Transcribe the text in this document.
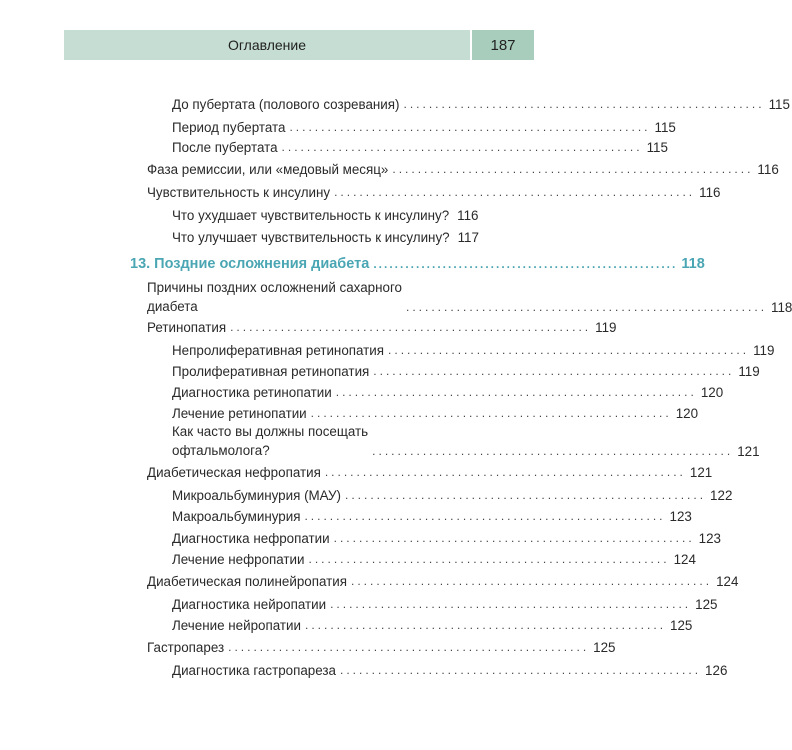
Оглавление	187
До пубертата (полового созревания) ......................................................... 115
Период пубертата ......................................................... 115
После пубертата ......................................................... 115
Фаза ремиссии, или «медовый месяц» ......................................................... 116
Чувствительность к инсулину ......................................................... 116
Что ухудшает чувствительность к инсулину? 116
Что улучшает чувствительность к инсулину? 117
13. Поздние осложнения диабета ......................................................... 118
Причины поздних осложнений сахарного
диабета	......................................................... 118
Ретинопатия ......................................................... 119
Непролиферативная ретинопатия ......................................................... 119
Пролиферативная ретинопатия ......................................................... 119
Диагностика ретинопатии ......................................................... 120
Лечение ретинопатии ......................................................... 120
Как часто вы должны посещать
офтальмолога?	......................................................... 121
Диабетическая нефропатия ......................................................... 121
Микроальбуминурия (МАУ) ......................................................... 122
Макроальбуминурия ......................................................... 123
Диагностика нефропатии ......................................................... 123
Лечение нефропатии ......................................................... 124
Диабетическая полинейропатия ......................................................... 124
Диагностика нейропатии ......................................................... 125
Лечение нейропатии ......................................................... 125
Гастропарез ......................................................... 125
Диагностика гастропареза ......................................................... 126
